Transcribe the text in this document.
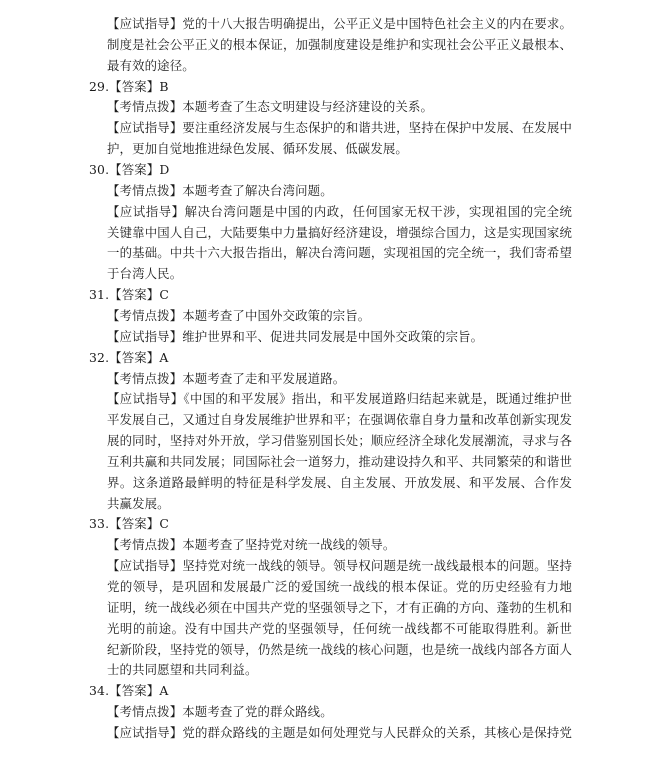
【应试指导】党的十八大报告明确提出，公平正义是中国特色社会主义的内在要求。
制度是社会公平正义的根本保证，加强制度建设是维护和实现社会公平正义最根本、
最有效的途径。
29.【答案】B
【考情点拨】本题考查了生态文明建设与经济建设的关系。
【应试指导】要注重经济发展与生态保护的和谐共进，坚持在保护中发展、在发展中
护，更加自觉地推进绿色发展、循环发展、低碳发展。
30.【答案】D
【考情点拨】本题考查了解决台湾问题。
【应试指导】解决台湾问题是中国的内政，任何国家无权干涉，实现祖国的完全统
关键靠中国人自己，大陆要集中力量搞好经济建设，增强综合国力，这是实现国家统
一的基础。中共十六大报告指出，解决台湾问题，实现祖国的完全统一，我们寄希望
于台湾人民。
31.【答案】C
【考情点拨】本题考查了中国外交政策的宗旨。
【应试指导】维护世界和平、促进共同发展是中国外交政策的宗旨。
32.【答案】A
【考情点拨】本题考查了走和平发展道路。
【应试指导】《中国的和平发展》指出，和平发展道路归结起来就是，既通过维护世
平发展自己，又通过自身发展维护世界和平；在强调依靠自身力量和改革创新实现发
展的同时，坚持对外开放，学习借鉴别国长处；顺应经济全球化发展潮流，寻求与各
互利共赢和共同发展；同国际社会一道努力，推动建设持久和平、共同繁荣的和谐世
界。这条道路最鲜明的特征是科学发展、自主发展、开放发展、和平发展、合作发
共赢发展。
33.【答案】C
【考情点拨】本题考查了坚持党对统一战线的领导。
【应试指导】坚持党对统一战线的领导。领导权问题是统一战线最根本的问题。坚持
党的领导，是巩固和发展最广泛的爱国统一战线的根本保证。党的历史经验有力地
证明，统一战线必须在中国共产党的坚强领导之下，才有正确的方向、蓬勃的生机和
光明的前途。没有中国共产党的坚强领导，任何统一战线都不可能取得胜利。新世
纪新阶段，坚持党的领导，仍然是统一战线的核心问题，也是统一战线内部各方面人
士的共同愿望和共同利益。
34.【答案】A
【考情点拨】本题考查了党的群众路线。
【应试指导】党的群众路线的主题是如何处理党与人民群众的关系，其核心是保持党
